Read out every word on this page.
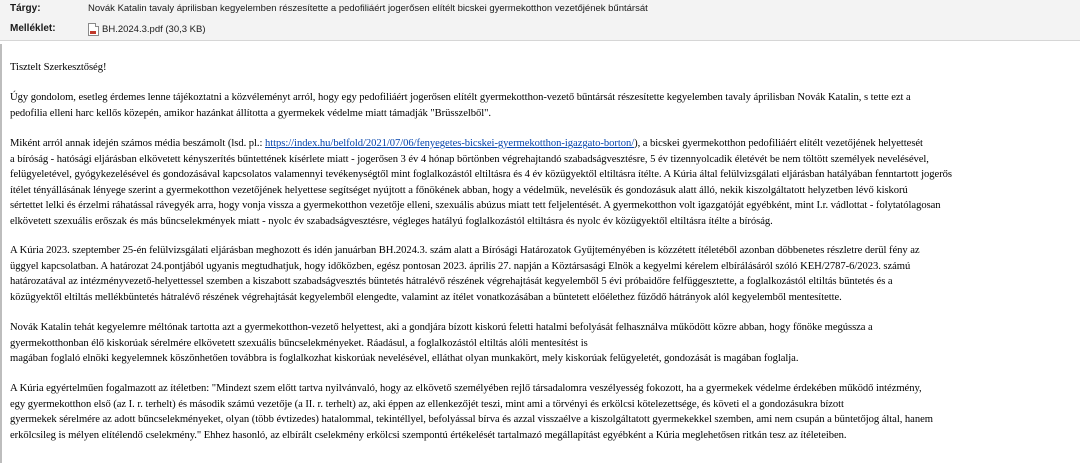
Tárgy:	Novák Katalin tavaly áprilisban kegyelemben részesítette a pedofiliáért jogerősen elítélt bicskei gyermekotthon vezetőjének bűntársát
Melléklet:	BH.2024.3.pdf (30,3 KB)
Tisztelt Szerkesztőség!
Úgy gondolom, esetleg érdemes lenne tájékoztatni a közvéleményt arról, hogy egy pedofiliáért jogerősen elítélt gyermekotthon-vezető bűntársát részesítette kegyelemben tavaly áprilisban Novák Katalin, s tette ezt a
pedofilia elleni harc kellős közepén, amikor hazánkat állította a gyermekek védelme miatt támadják "Brüsszelből".
Miként arról annak idején számos média beszámolt (lsd. pl.: https://index.hu/belfold/2021/07/06/fenyegetes-bicskei-gyermekotthon-igazgato-borton/), a bicskei gyermekotthon pedofiliáért elítélt vezetőjének helyettesét
a bíróság - hatósági eljárásban elkövetett kényszerítés bűntettének kísérlete miatt - jogerősen 3 év 4 hónap börtönben végrehajtandó szabadságvesztésre, 5 év tizennyolcadik életévét be nem töltött személyek nevelésével,
felügyeletével, gyógykezelésével és gondozásával kapcsolatos valamennyi tevékenységtől mint foglalkozástól eltiltásra és 4 év közügyektől eltiltásra ítélte. A Kúria által felülvizsgálati eljárásban hatályában fenntartott jogerős
ítélet tényállásának lényege szerint a gyermekotthon vezetőjének helyettese segítséget nyújtott a főnökének abban, hogy a védelmük, nevelésük és gondozásuk alatt álló, nekik kiszolgáltatott helyzetben lévő kiskorú
sértettet lelki és érzelmi ráhatással rávegyék arra, hogy vonja vissza a gyermekotthon vezetője elleni, szexuális abúzus miatt tett feljelentését. A gyermekotthon volt igazgatóját egyébként, mint I.r. vádlottat - folytatólagosan
elkövetett szexuális erőszak és más bűncselekmények miatt - nyolc év szabadságvesztésre, végleges hatályú foglalkozástól eltiltásra és nyolc év közügyektől eltiltásra ítélte a bíróság.
A Kúria 2023. szeptember 25-én felülvizsgálati eljárásban meghozott és idén januárban BH.2024.3. szám alatt a Bírósági Határozatok Gyűjteményében is közzétett ítéletéből azonban döbbenetes részletre derül fény az
üggyel kapcsolatban. A határozat 24.pontjából ugyanis megtudhatjuk, hogy időközben, egész pontosan 2023. április 27. napján a Köztársasági Elnök a kegyelmi kérelem elbírálásáról szóló KEH/2787-6/2023. számú
határozatával az intézményvezető-helyettessel szemben a kiszabott szabadságvesztés büntetés hátralévő részének végrehajtását kegyelemből 5 évi próbaidőre felfüggesztette, a foglalkozástól eltiltás büntetés és a
közügyektől eltiltás mellékbüntetés hátralévő részének végrehajtását kegyelemből elengedte, valamint az ítélet vonatkozásában a büntetett előélethez fűződő hátrányok alól kegyelemből mentesítette.
Novák Katalin tehát kegyelemre méltónak tartotta azt a gyermekotthon-vezető helyettest, aki a gondjára bízott kiskorú feletti hatalmi befolyását felhasználva működött közre abban, hogy főnöke megússza a
gyermekotthonban élő kiskorúak sérelmére elkövetett szexuális bűncselekményeket. Ráadásul, a foglalkozástól eltiltás alóli mentesítést is
magában foglaló elnöki kegyelemnek köszönhetően továbbra is foglalkozhat kiskorúak nevelésével, elláthat olyan munkakört, mely kiskorúak felügyeletét, gondozását is magában foglalja.
A Kúria egyértelműen fogalmazott az ítéletben: "Mindezt szem előtt tartva nyilvánvaló, hogy az elkövető személyében rejlő társadalomra veszélyesség fokozott, ha a gyermekek védelme érdekében működő intézmény,
egy gyermekotthon első (az I. r. terhelt) és második számú vezetője (a II. r. terhelt) az, aki éppen az ellenkezőjét teszi, mint ami a törvényi és erkölcsi kötelezettsége, és követi el a gondozásukra bízott
gyermekek sérelmére az adott bűncselekményeket, olyan (több évtizedes) hatalommal, tekintéllyel, befolyással bírva és azzal visszaélve a kiszolgáltatott gyermekekkel szemben, ami nem csupán a büntetőjog által, hanem
erkölcsileg is mélyen elítélendő cselekmény." Ehhez hasonló, az elbírált cselekmény erkölcsi szempontú értékelését tartalmazó megállapítást egyébként a Kúria meglehetősen ritkán tesz az ítéleteiben.
